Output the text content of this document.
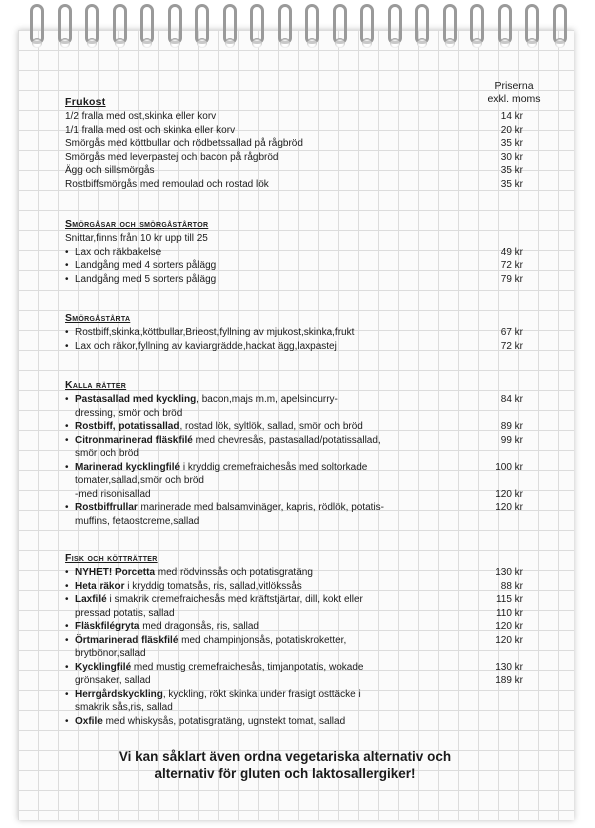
Priserna
exkl. moms
Frukost
1/2 fralla med ost,skinka eller korv	14 kr
1/1 fralla med ost och skinka eller korv	20 kr
Smörgås med köttbullar och rödbetssallad på rågbröd	35 kr
Smörgås med leverpastej och bacon på rågbröd	30 kr
Ägg och sillsmörgås	35 kr
Rostbiffsmörgås med remoulad och rostad lök	35 kr
Smörgåsar och smörgåstårtor
Snittar,finns från 10 kr upp till 25
• Lax och räkbakelse	49 kr
• Landgång med 4 sorters pålägg	72 kr
• Landgång med 5 sorters pålägg	79 kr
Smörgåstårta
• Rostbiff,skinka,köttbullar,Brieost,fyllning av mjukost,skinka,frukt	67 kr
• Lax och räkor,fyllning av kaviargrädde,hackat ägg,laxpastej	72 kr
Kalla rätter
• Pastasallad med kyckling, bacon,majs m.m, apelsincurry-	84 kr
dressing, smör och bröd
• Rostbiff, potatissallad, rostad lök, syltlök, sallad, smör och bröd	89 kr
• Citronmarinerad fläskfilé med chevresås, pastasallad/potatissallad,	99 kr
smör och bröd
• Marinerad kycklingfilé i kryddig cremefraichesås med soltorkade	100 kr
tomater,sallad,smör och bröd
-med risonisallad	120 kr
• Rostbiffrullar marinerade med balsamvinäger, kapris, rödlök, potatis-	120 kr
muffins, fetaostcreme,sallad
Fisk och kötträtter
• NYHET! Porcetta med rödvinssås och potatisgratäng	130 kr
• Heta räkor i kryddig tomatsås, ris, sallad,vitlökssås	88 kr
• Laxfilé i smakrik cremefraichesås med kräftstjärtar, dill, kokt eller	115 kr
pressad potatis, sallad	110 kr
• Fläskfilégryta med dragonsås, ris, sallad	120 kr
• Örtmarinerad fläskfilé med champinjonsås, potatiskroketter,	120 kr
brytbönor,sallad
• Kycklingfilé med mustig cremefraichesås, timjanpotatis, wokade	130 kr
grönsaker, sallad	189 kr
• Herrgårdskyckling, kyckling, rökt skinka under frasigt osttäcke i
smakrik sås,ris, sallad
• Oxfile med whiskysås, potatisgratäng, ugnstekt tomat, sallad
Vi kan såklart även ordna vegetariska alternativ och
alternativ för gluten och laktosallergiker!
